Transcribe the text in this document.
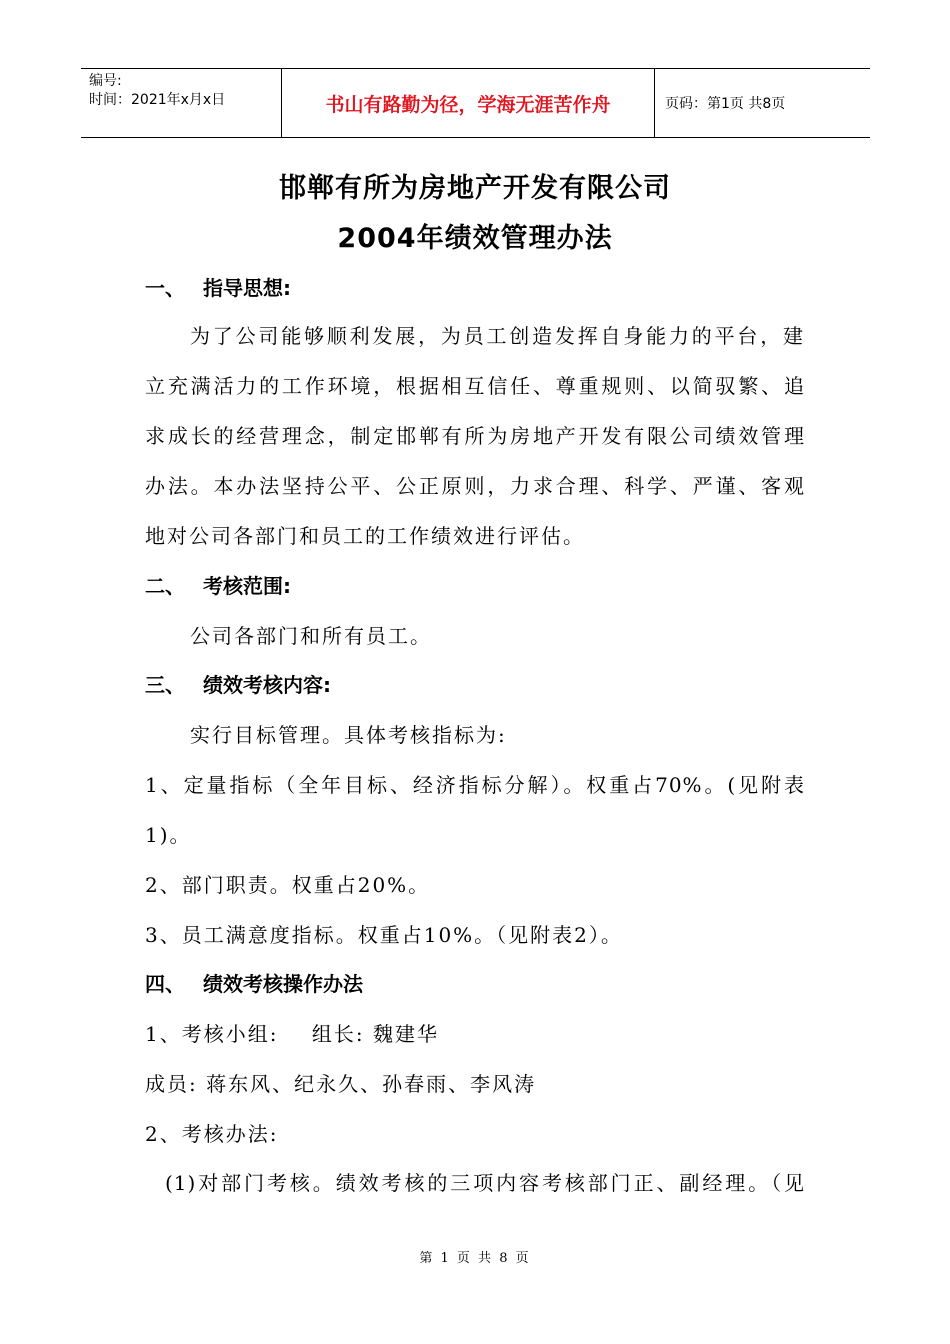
编号:
时间：2021年x月x日	书山有路勤为径，学海无涯苦作舟	页码：第1页 共8页
邯郸有所为房地产开发有限公司
2004年绩效管理办法
一、 指导思想:
为了公司能够顺利发展，为员工创造发挥自身能力的平台，建
立充满活力的工作环境，根据相互信任、尊重规则、以简驭繁、追
求成长的经营理念，制定邯郸有所为房地产开发有限公司绩效管理
办法。本办法坚持公平、公正原则，力求合理、科学、严谨、客观
地对公司各部门和员工的工作绩效进行评估。
二、 考核范围:
公司各部门和所有员工。
三、 绩效考核内容:
实行目标管理。具体考核指标为:
1、定量指标（全年目标、经济指标分解）。权重占70%。(见附表
1)。
2、部门职责。权重占20%。
3、员工满意度指标。权重占10%。（见附表2）。
四、 绩效考核操作办法
1、考核小组:    组长: 魏建华
成员: 蒋东风、纪永久、孙春雨、李风涛
2、考核办法:
(1)对部门考核。绩效考核的三项内容考核部门正、副经理。（见
第 1 页 共 8 页
